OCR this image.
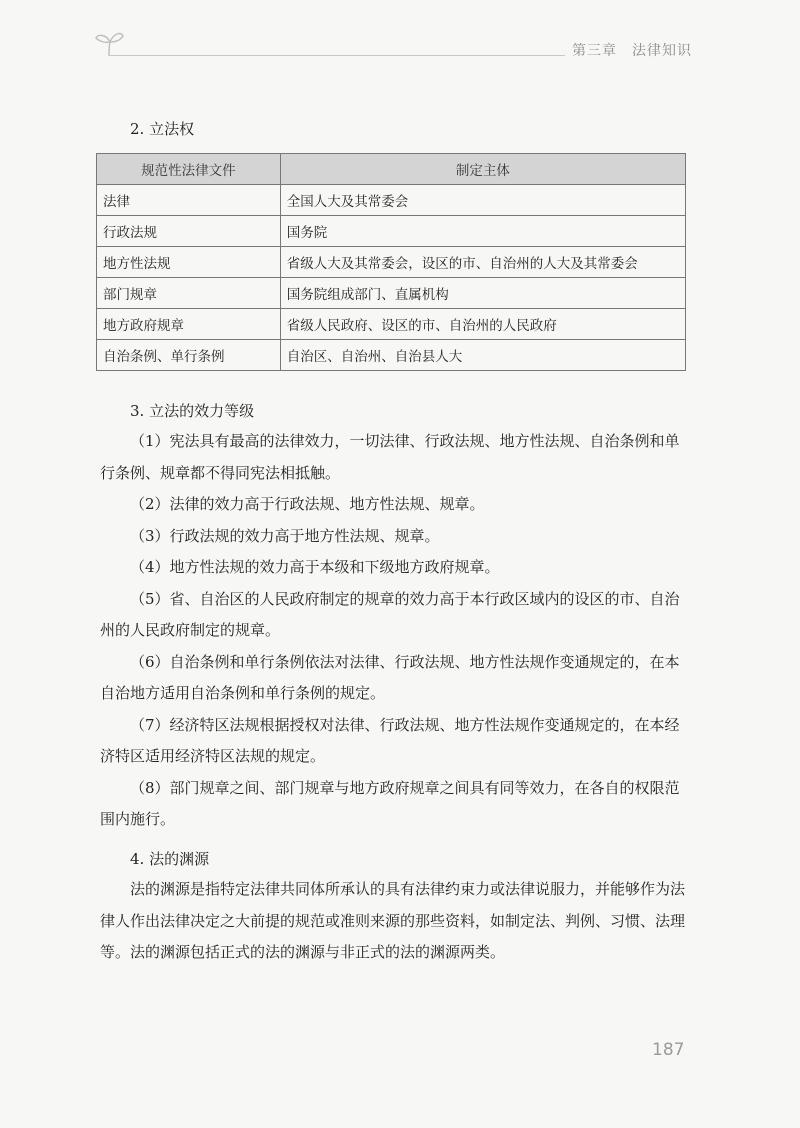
第三章　法律知识
2. 立法权
规范性法律文件	制定主体
法律	全国人大及其常委会
行政法规	国务院
地方性法规	省级人大及其常委会，设区的市、自治州的人大及其常委会
部门规章	国务院组成部门、直属机构
地方政府规章	省级人民政府、设区的市、自治州的人民政府
自治条例、单行条例	自治区、自治州、自治县人大
3. 立法的效力等级

（1）宪法具有最高的法律效力，一切法律、行政法规、地方性法规、自治条例和单行条例、规章都不得同宪法相抵触。

（2）法律的效力高于行政法规、地方性法规、规章。

（3）行政法规的效力高于地方性法规、规章。

（4）地方性法规的效力高于本级和下级地方政府规章。

（5）省、自治区的人民政府制定的规章的效力高于本行政区域内的设区的市、自治州的人民政府制定的规章。

（6）自治条例和单行条例依法对法律、行政法规、地方性法规作变通规定的，在本自治地方适用自治条例和单行条例的规定。

（7）经济特区法规根据授权对法律、行政法规、地方性法规作变通规定的，在本经济特区适用经济特区法规的规定。

（8）部门规章之间、部门规章与地方政府规章之间具有同等效力，在各自的权限范围内施行。

4. 法的渊源

法的渊源是指特定法律共同体所承认的具有法律约束力或法律说服力，并能够作为法律人作出法律决定之大前提的规范或准则来源的那些资料，如制定法、判例、习惯、法理等。法的渊源包括正式的法的渊源与非正式的法的渊源两类。

187
